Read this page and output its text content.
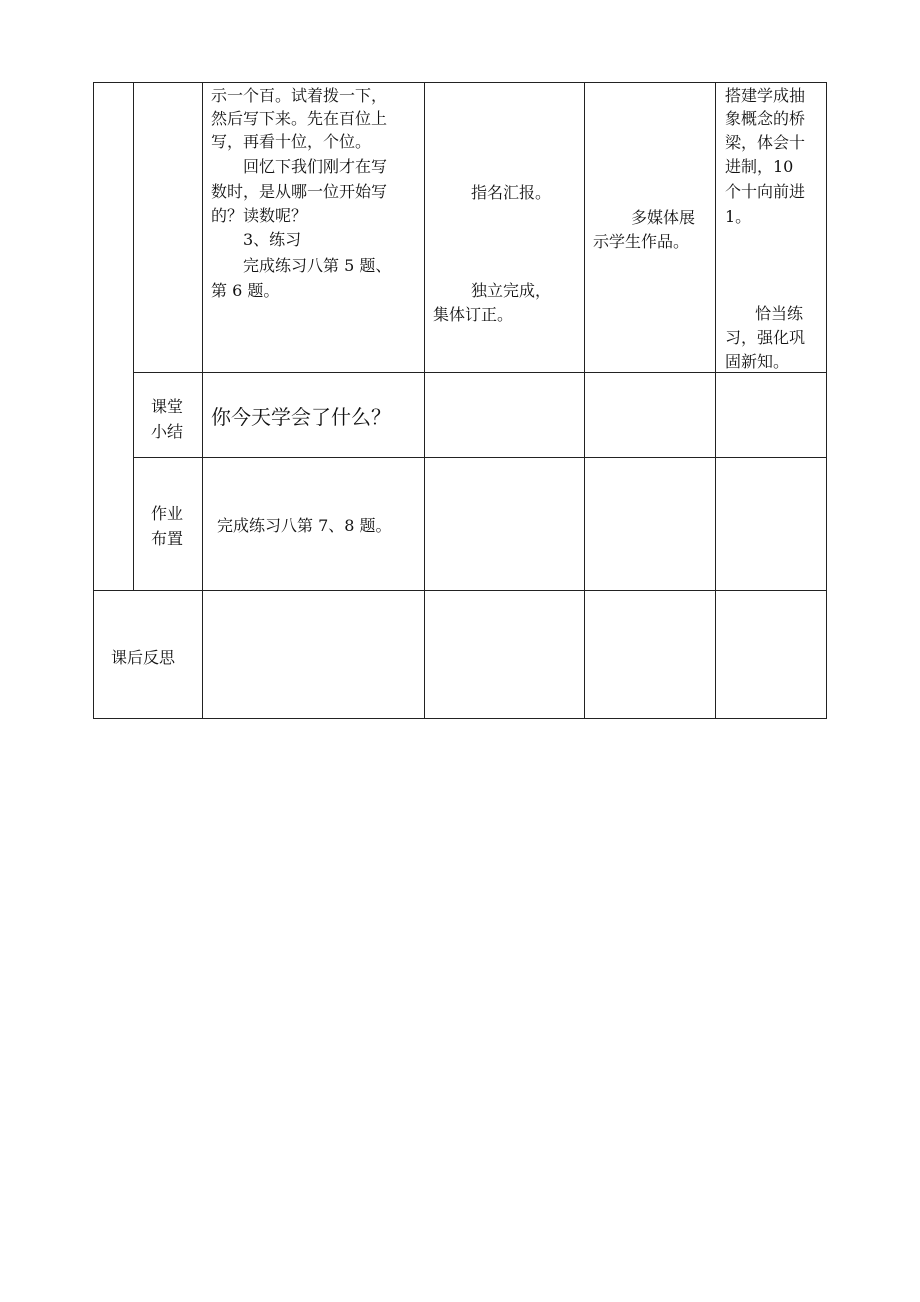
示一个百。试着拨一下，

然后写下来。先在百位上

写，再看十位，个位。

回忆下我们刚才在写

数时，是从哪一位开始写

的？读数呢？

3、练习

完成练习八第 5 题、

第 6 题。

指名汇报。

独立完成，

集体订正。

多媒体展

示学生作品。

搭建学成抽

象概念的桥

梁，体会十

进制，10

个十向前进

1。

恰当练

习，强化巩

固新知。

课堂

小结

你今天学会了什么？

作业

布置

完成练习八第 7、8 题。

课后反思
